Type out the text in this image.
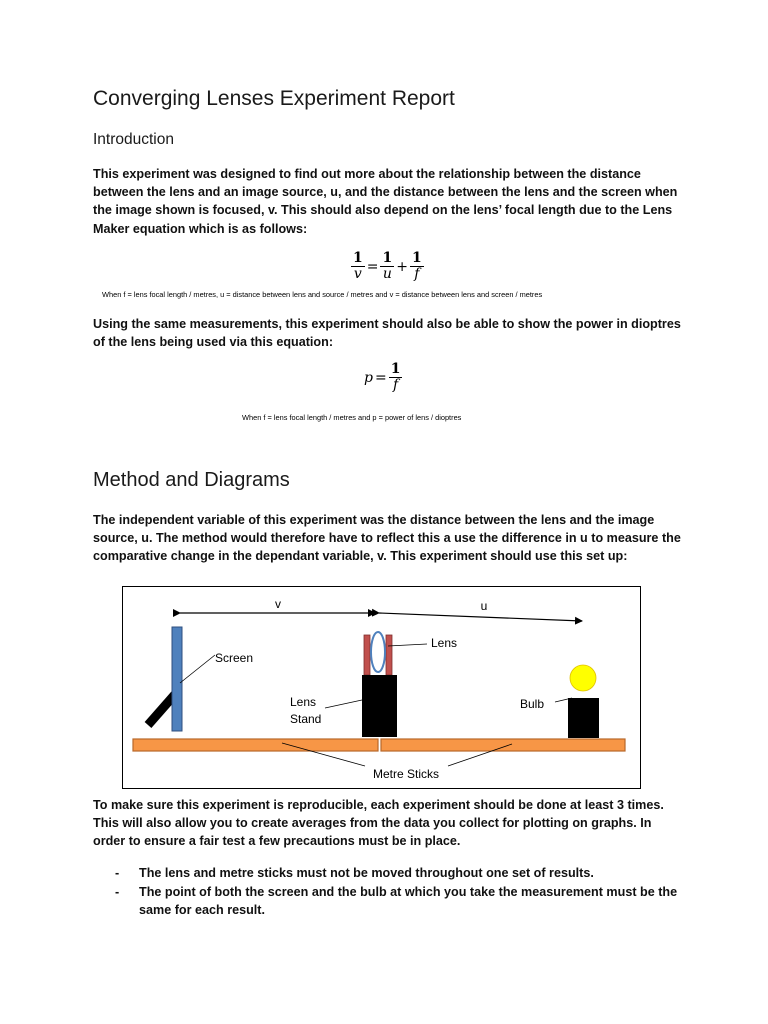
Converging Lenses Experiment Report
Introduction

This experiment was designed to find out more about the relationship between the distance between the lens and an image source, u, and the distance between the lens and the screen when the image shown is focused, v. This should also depend on the lens’ focal length due to the Lens Maker equation which is as follows:

$\frac{1}{v} = \frac{1}{u} + \frac{1}{f}$
When f = lens focal length / metres, u = distance between lens and source / metres and v = distance between lens and screen / metres

Using the same measurements, this experiment should also be able to show the power in dioptres of the lens being used via this equation:

$p = \frac{1}{f}$
When f = lens focal length / metres and p = power of lens / dioptres
Method and Diagrams

The independent variable of this experiment was the distance between the lens and the image source, u. The method would therefore have to reflect this a use the difference in u to measure the comparative change in the dependant variable, v. This experiment should use this set up:

v	u
Screen
Lens
Lens
Stand
Bulb
Metre Sticks

To make sure this experiment is reproducible, each experiment should be done at least 3 times. This will also allow you to create averages from the data you collect for plotting on graphs. In order to ensure a fair test a few precautions must be in place.

- The lens and metre sticks must not be moved throughout one set of results.
- The point of both the screen and the bulb at which you take the measurement must be the same for each result.
